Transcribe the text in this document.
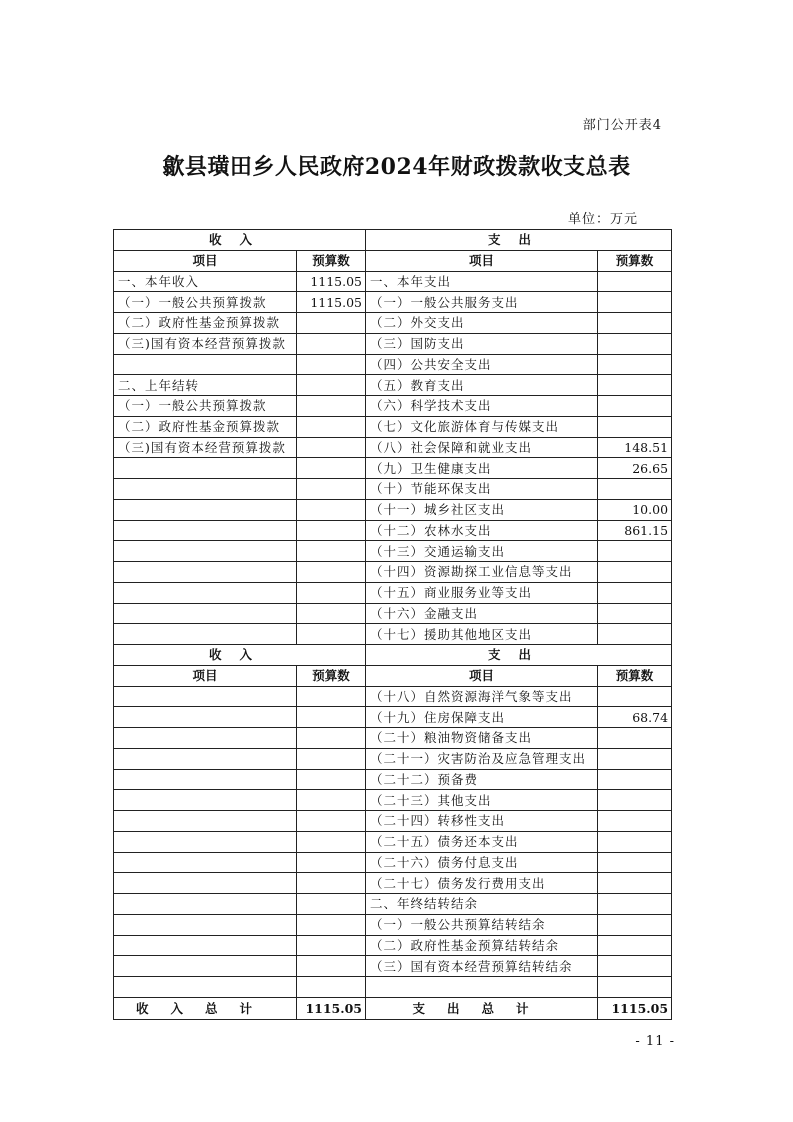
部门公开表4
歙县璜田乡人民政府2024年财政拨款收支总表
单位：万元
收入		支出	
项目	预算数	项目	预算数
一、本年收入	1115.05	一、本年支出	
（一）一般公共预算拨款	1115.05	（一）一般公共服务支出	
（二）政府性基金预算拨款		（二）外交支出	
（三)国有资本经营预算拨款		（三）国防支出	
		（四）公共安全支出	
二、上年结转		（五）教育支出	
（一）一般公共预算拨款		（六）科学技术支出	
（二）政府性基金预算拨款		（七）文化旅游体育与传媒支出	
（三)国有资本经营预算拨款		（八）社会保障和就业支出	148.51
		（九）卫生健康支出	26.65
		（十）节能环保支出	
		（十一）城乡社区支出	10.00
		（十二）农林水支出	861.15
		（十三）交通运输支出	
		（十四）资源勘探工业信息等支出	
		（十五）商业服务业等支出	
		（十六）金融支出	
		（十七）援助其他地区支出	
收入		支出	
项目	预算数	项目	预算数
		（十八）自然资源海洋气象等支出	
		（十九）住房保障支出	68.74
		（二十）粮油物资储备支出	
		（二十一）灾害防治及应急管理支出	
		（二十二）预备费	
		（二十三）其他支出	
		（二十四）转移性支出	
		（二十五）债务还本支出	
		（二十六）债务付息支出	
		（二十七）债务发行费用支出	
		二、年终结转结余	
		（一）一般公共预算结转结余	
		（二）政府性基金预算结转结余	
		（三）国有资本经营预算结转结余	

收入总计	1115.05	支出总计	1115.05
- 11 -
